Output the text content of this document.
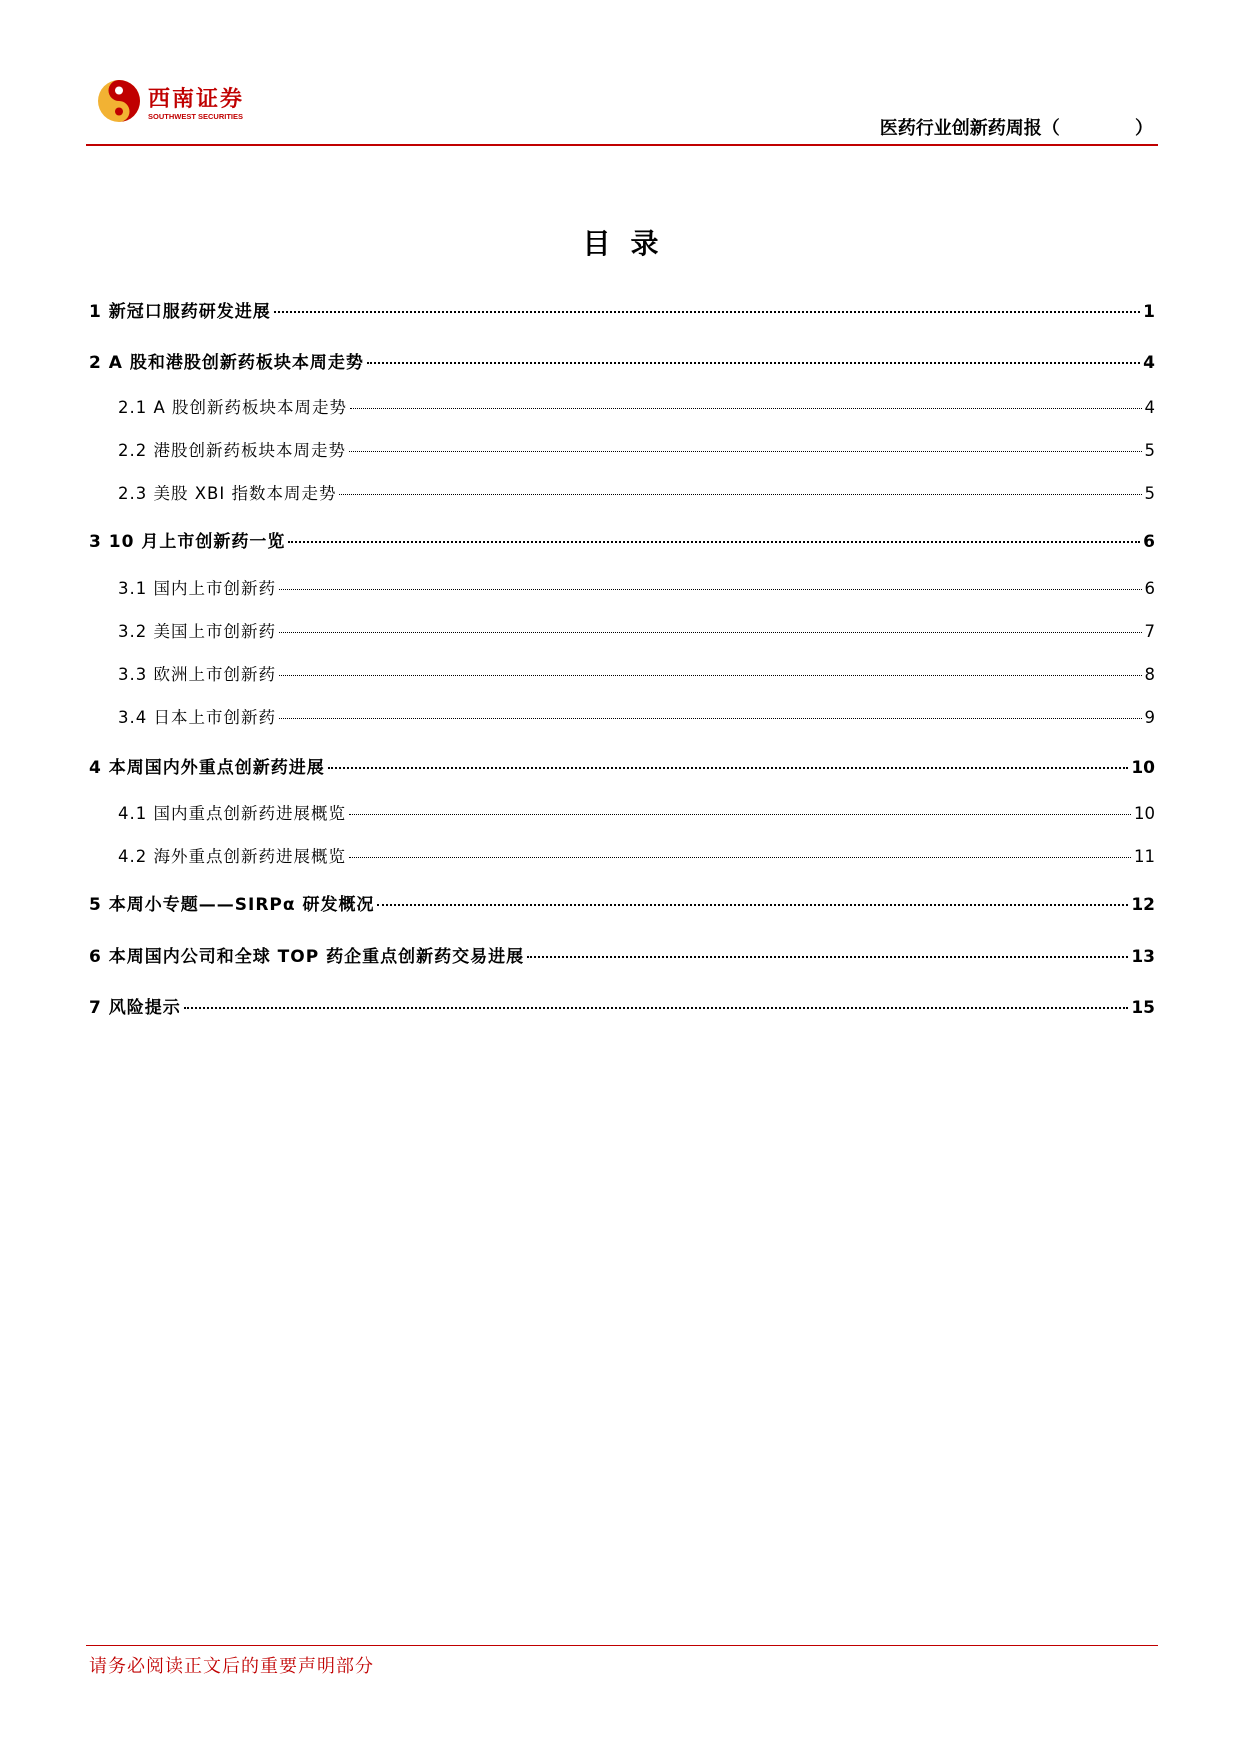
西南证券
SOUTHWEST SECURITIES
医药行业创新药周报（            ）
目录
1 新冠口服药研发进展	1
2 A 股和港股创新药板块本周走势	4
2.1 A 股创新药板块本周走势	4
2.2 港股创新药板块本周走势	5
2.3 美股 XBI 指数本周走势	5
3 10 月上市创新药一览	6
3.1 国内上市创新药	6
3.2 美国上市创新药	7
3.3 欧洲上市创新药	8
3.4 日本上市创新药	9
4 本周国内外重点创新药进展	10
4.1 国内重点创新药进展概览	10
4.2 海外重点创新药进展概览	11
5 本周小专题——SIRPα 研发概况	12
6 本周国内公司和全球 TOP 药企重点创新药交易进展	13
7 风险提示	15
请务必阅读正文后的重要声明部分
